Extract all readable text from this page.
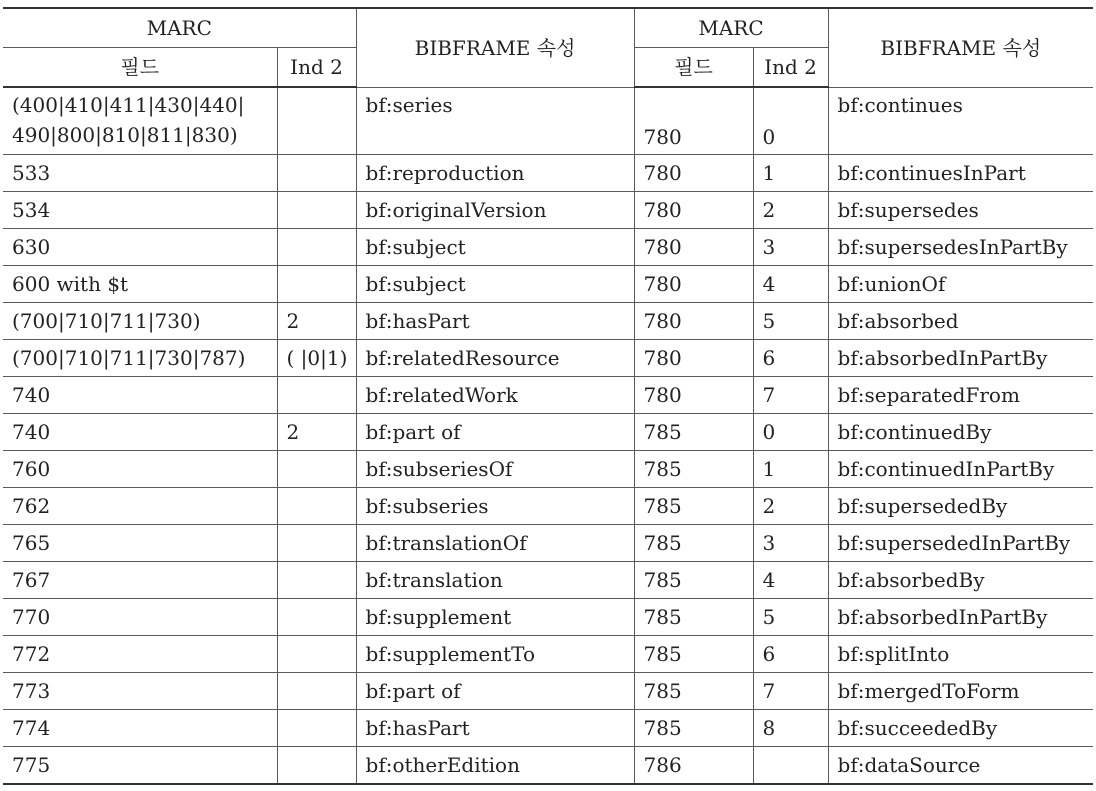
MARC		BIBFRAME 속성	MARC		BIBFRAME 속성
필드	Ind 2		필드	Ind 2	
(400|410|411|430|440| 490|800|810|811|830)		bf:series	780	0	bf:continues
533		bf:reproduction	780	1	bf:continuesInPart
534		bf:originalVersion	780	2	bf:supersedes
630		bf:subject	780	3	bf:supersedesInPartBy
600 with $t		bf:subject	780	4	bf:unionOf
(700|710|711|730)	2	bf:hasPart	780	5	bf:absorbed
(700|710|711|730|787)	( |0|1)	bf:relatedResource	780	6	bf:absorbedInPartBy
740		bf:relatedWork	780	7	bf:separatedFrom
740	2	bf:part of	785	0	bf:continuedBy
760		bf:subseriesOf	785	1	bf:continuedInPartBy
762		bf:subseries	785	2	bf:supersededBy
765		bf:translationOf	785	3	bf:supersededInPartBy
767		bf:translation	785	4	bf:absorbedBy
770		bf:supplement	785	5	bf:absorbedInPartBy
772		bf:supplementTo	785	6	bf:splitInto
773		bf:part of	785	7	bf:mergedToForm
774		bf:hasPart	785	8	bf:succeededBy
775		bf:otherEdition	786		bf:dataSource
